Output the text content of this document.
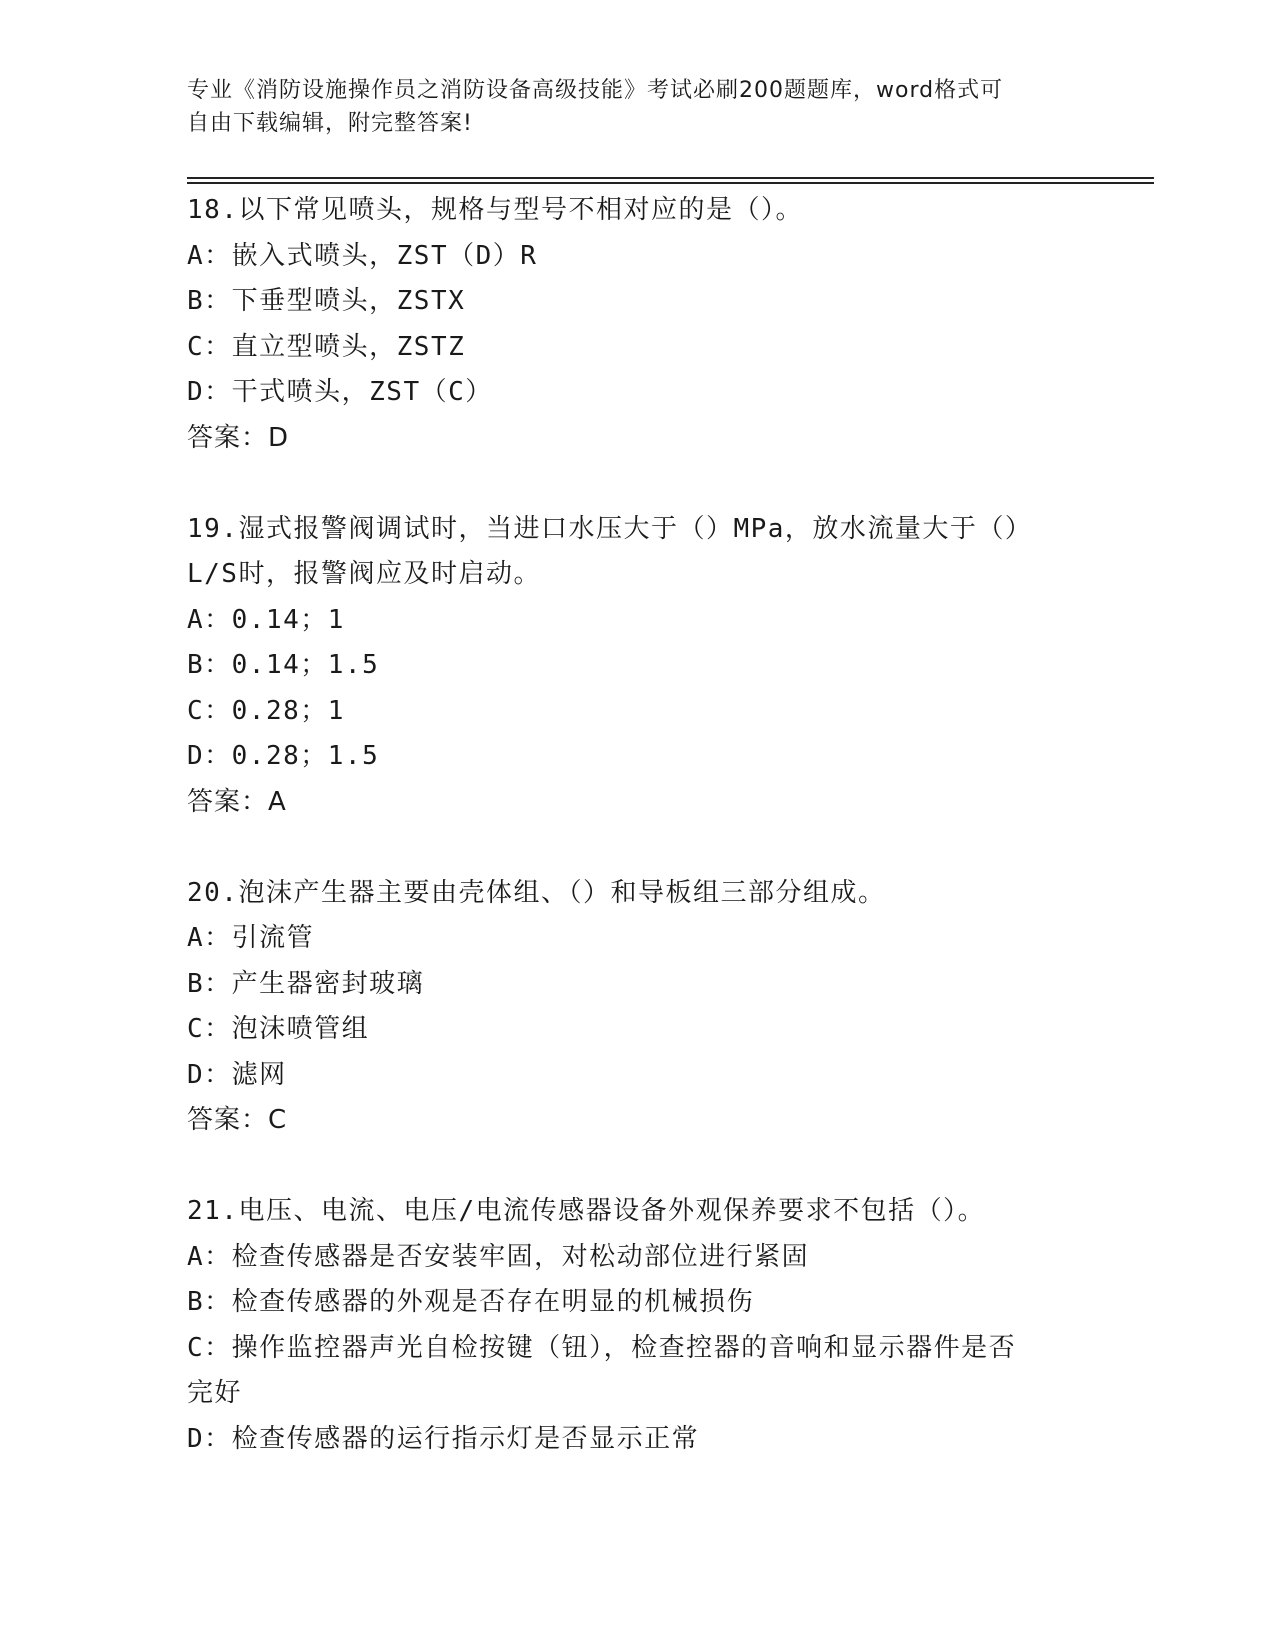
专业《消防设施操作员之消防设备高级技能》考试必刷200题题库，word格式可
自由下载编辑，附完整答案!

18.以下常见喷头，规格与型号不相对应的是（）。

A：嵌入式喷头，ZST（D）R

B：下垂型喷头，ZSTX

C：直立型喷头，ZSTZ

D：干式喷头，ZST（C）

答案：D

19.湿式报警阀调试时，当进口水压大于（）MPa，放水流量大于（）

L/S时，报警阀应及时启动。

A：0.14；1

B：0.14；1.5

C：0.28；1

D：0.28；1.5

答案：A

20.泡沫产生器主要由壳体组、（）和导板组三部分组成。

A：引流管

B：产生器密封玻璃

C：泡沫喷管组

D：滤网

答案：C

21.电压、电流、电压/电流传感器设备外观保养要求不包括（）。

A：检查传感器是否安装牢固，对松动部位进行紧固

B：检查传感器的外观是否存在明显的机械损伤

C：操作监控器声光自检按键（钮），检查控器的音响和显示器件是否

完好

D：检查传感器的运行指示灯是否显示正常
